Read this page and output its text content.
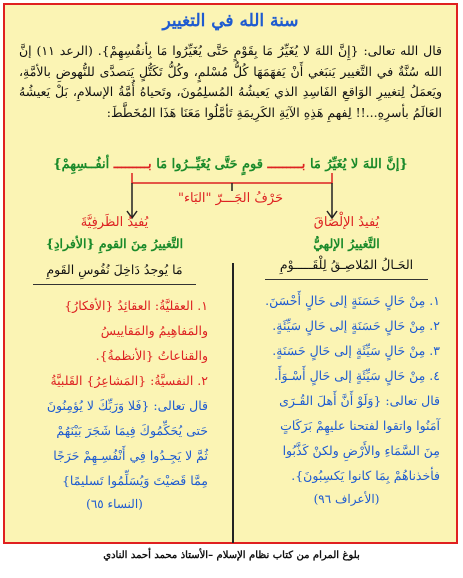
سنة الله في التغيير
قال الله تعالى: {إِنَّ اللهَ لا يُغَيِّرُ مَا بِقَوْمٍ حَتَّى يُغَيِّرُوا مَا بِأنفُسِهِمْ}. (الرعد ١١) إنَّ الله سُنَّةٌ في التَّغيير يَنبَغي أَنْ يَفهَمَهَا كُلُّ مُسْلمٍ، وكُلُّ تَكَتُّلٍ يَتصدَّى للنُّهوضِ بالأمَّةِ، ويَعمَلُ لِتغييرِ الوَاقعِ الفَاسِدِ الذي يَعيشُهُ المُسلِمُونَ، وتَحياهُ أُمَّةُ الإسلامِ، بَلْ يَعيشُهُ العَالَمُ بأسرِهِ...!! لِفهمِ هَذِهِ الآيَةِ الكَرِيمَةِ تَأمَّلُوا مَعَنَا هَذَا المُخَطَّطَ:
{إنَّ اللهَ لا يُغَيِّرُ مَا بـــــــــ قومٍ حَتَّى يُغَيِّــرُوا مَا بـــــــــ أنفُــسِهِمْ}
حَرْفُ الجَـــرّ "البَاء"
يُفيدُ الإلْصَاقَ
التَّغييرُ الإلهيُّ
الحَـالُ المُلاصِـقُ لِلْقَـــــوْمِ
١. مِنْ حَالٍ حَسَنَةٍ إلى حَالٍ أَحْسَنَ.
٢. مِنْ حَالٍ حَسَنَةٍ إلى حَالٍ سَيِّئَةٍ.
٣. مِنْ حَالٍ سَيِّئَةٍ إلى حَالٍ حَسَنَةٍ.
٤. مِنْ حَالٍ سَيِّئَةٍ إلى حَالٍ أَسْـوَأَ.
قال تعالى: {وَلَوْ أَنَّ أَهلَ القُـرَى
آمَنُوا واتقوا لفتحنا عليهِمْ بَرَكَاتٍ
مِنَ السَّمَاءِ والأَرْضِ ولكنْ كَذَّبُوا
فأخذناهُمْ بِمَا كانوا يَكسِبُونَ}.
(الأعراف ٩٦)
يُفيدُ الظَرفِيَّةَ
التَّغييرُ مِنَ القومِ {الأفرادِ}
مَا يُوجدُ دَاخِلَ نُفُوسِ القَومِ
١. العقليَّةُ: العقائِدُ {الأفكارُ}
والمَفاهِيمُ والمَقاييسُ
والقناعاتُ {الأنظمةُ}.
٢. النفسيَّةُ: {المَشاعِرُ} القَلبيَّةُ
قال تعالى: {فَلا وَرَبِّكَ لا يُؤمِنُونَ
حَتى يُحَكِّمُوكَ فِيمَا شَجَرَ بَيْنَهُمْ
ثُمَّ لا يَجِـدُوا فِي أَنْفُسِـهِمْ حَرَجًا
مِمَّا قَضيْتَ وَيُسَلِّمُوا تَسليمًا}
(النساء ٦٥)
بلوغ المرام من كتاب نظام الإسلام –الأستاذ محمد أحمد النادي
